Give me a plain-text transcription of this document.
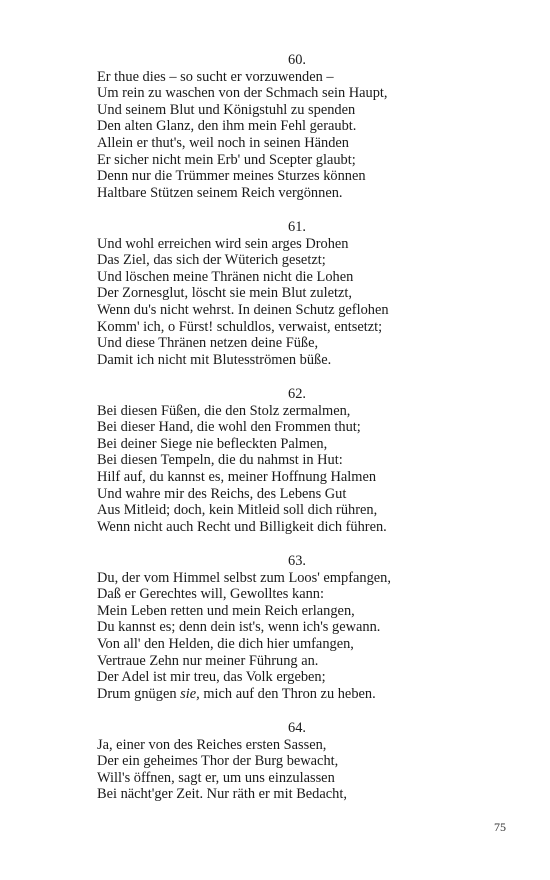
60.
Er thue dies – so sucht er vorzuwenden –
Um rein zu waschen von der Schmach sein Haupt,
Und seinem Blut und Königstuhl zu spenden
Den alten Glanz, den ihm mein Fehl geraubt.
Allein er thut's, weil noch in seinen Händen
Er sicher nicht mein Erb' und Scepter glaubt;
Denn nur die Trümmer meines Sturzes können
Haltbare Stützen seinem Reich vergönnen.
61.
Und wohl erreichen wird sein arges Drohen
Das Ziel, das sich der Wüterich gesetzt;
Und löschen meine Thränen nicht die Lohen
Der Zornesglut, löscht sie mein Blut zuletzt,
Wenn du's nicht wehrst. In deinen Schutz geflohen
Komm' ich, o Fürst! schuldlos, verwaist, entsetzt;
Und diese Thränen netzen deine Füße,
Damit ich nicht mit Blutesströmen büße.
62.
Bei diesen Füßen, die den Stolz zermalmen,
Bei dieser Hand, die wohl den Frommen thut;
Bei deiner Siege nie befleckten Palmen,
Bei diesen Tempeln, die du nahmst in Hut:
Hilf auf, du kannst es, meiner Hoffnung Halmen
Und wahre mir des Reichs, des Lebens Gut
Aus Mitleid; doch, kein Mitleid soll dich rühren,
Wenn nicht auch Recht und Billigkeit dich führen.
63.
Du, der vom Himmel selbst zum Loos' empfangen,
Daß er Gerechtes will, Gewolltes kann:
Mein Leben retten und mein Reich erlangen,
Du kannst es; denn dein ist's, wenn ich's gewann.
Von all' den Helden, die dich hier umfangen,
Vertraue Zehn nur meiner Führung an.
Der Adel ist mir treu, das Volk ergeben;
Drum gnügen sie, mich auf den Thron zu heben.
64.
Ja, einer von des Reiches ersten Sassen,
Der ein geheimes Thor der Burg bewacht,
Will's öffnen, sagt er, um uns einzulassen
Bei nächt'ger Zeit. Nur räth er mit Bedacht,
75
